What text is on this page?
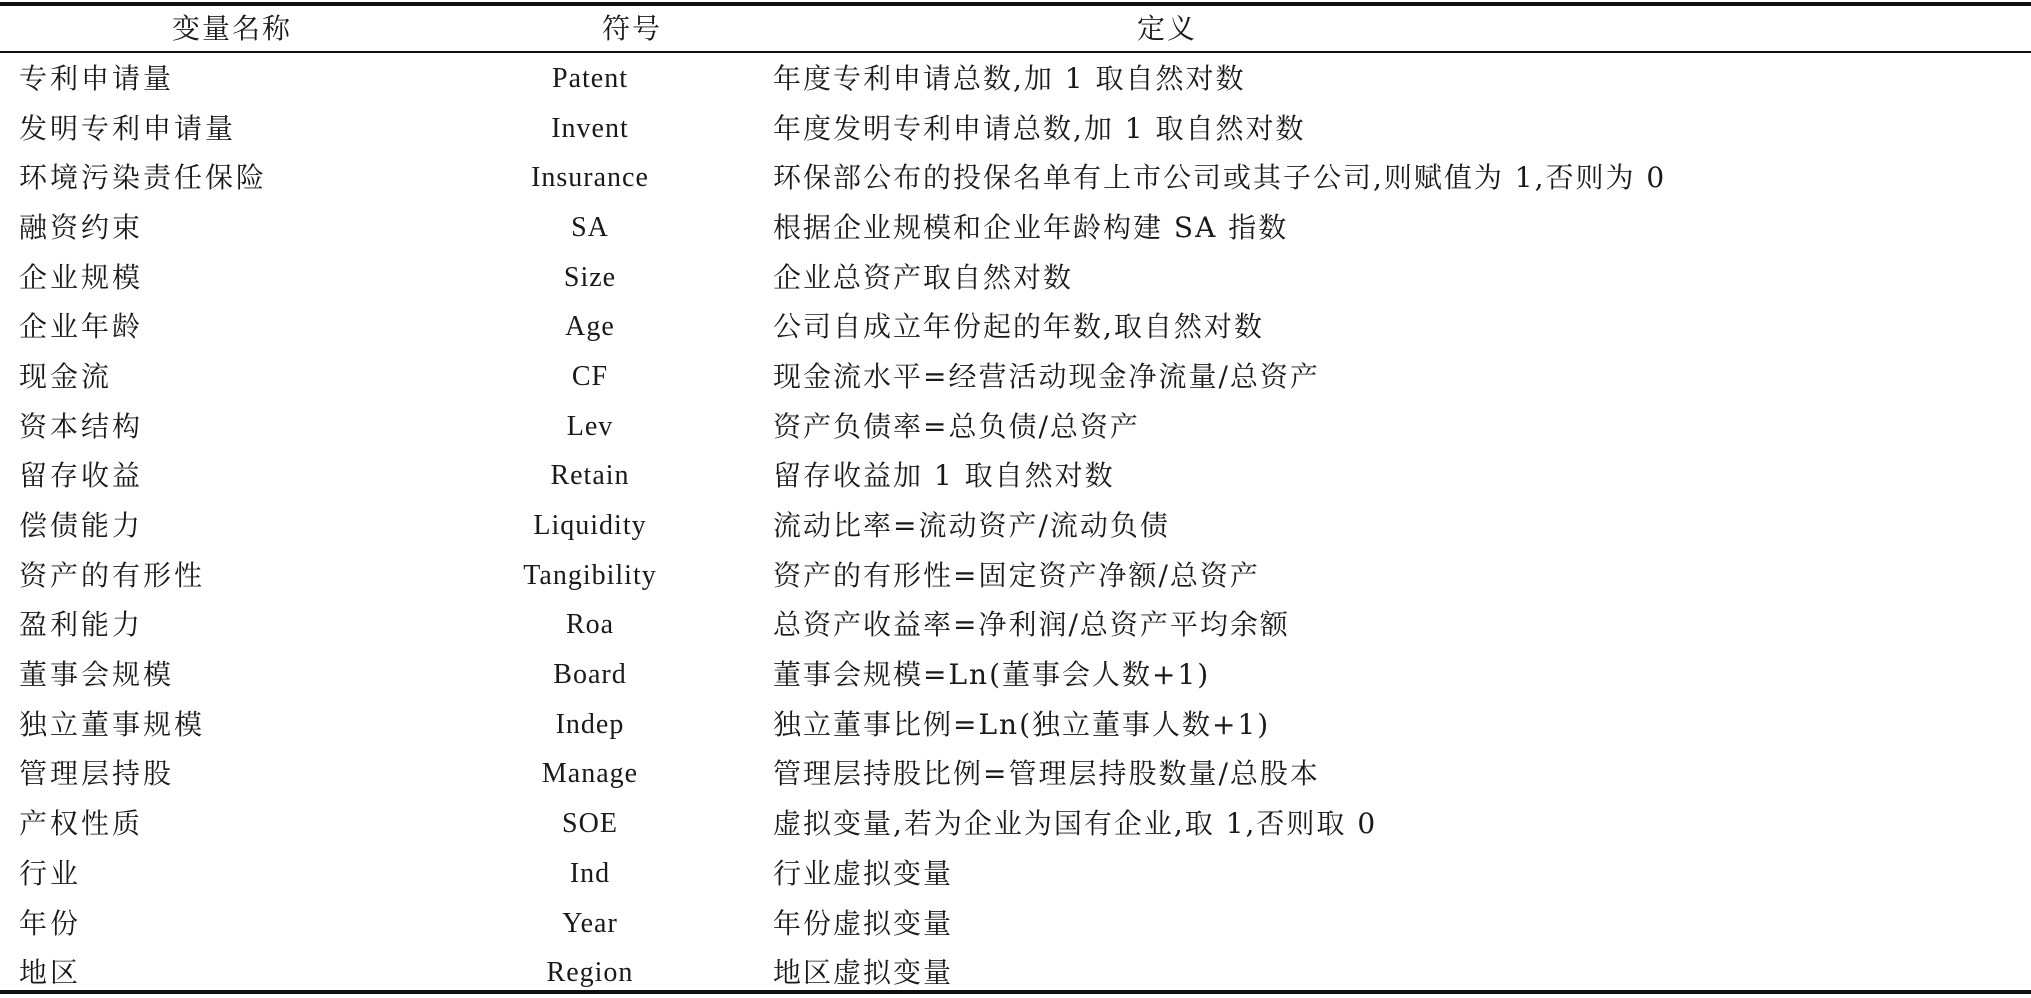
变量名称	符号	定义
专利申请量	Patent	年度专利申请总数,加 1 取自然对数
发明专利申请量	Invent	年度发明专利申请总数,加 1 取自然对数
环境污染责任保险	Insurance	环保部公布的投保名单有上市公司或其子公司,则赋值为 1,否则为 0
融资约束	SA	根据企业规模和企业年龄构建 SA 指数
企业规模	Size	企业总资产取自然对数
企业年龄	Age	公司自成立年份起的年数,取自然对数
现金流	CF	现金流水平=经营活动现金净流量/总资产
资本结构	Lev	资产负债率=总负债/总资产
留存收益	Retain	留存收益加 1 取自然对数
偿债能力	Liquidity	流动比率=流动资产/流动负债
资产的有形性	Tangibility	资产的有形性=固定资产净额/总资产
盈利能力	Roa	总资产收益率=净利润/总资产平均余额
董事会规模	Board	董事会规模=Ln(董事会人数+1)
独立董事规模	Indep	独立董事比例=Ln(独立董事人数+1)
管理层持股	Manage	管理层持股比例=管理层持股数量/总股本
产权性质	SOE	虚拟变量,若为企业为国有企业,取 1,否则取 0
行业	Ind	行业虚拟变量
年份	Year	年份虚拟变量
地区	Region	地区虚拟变量
